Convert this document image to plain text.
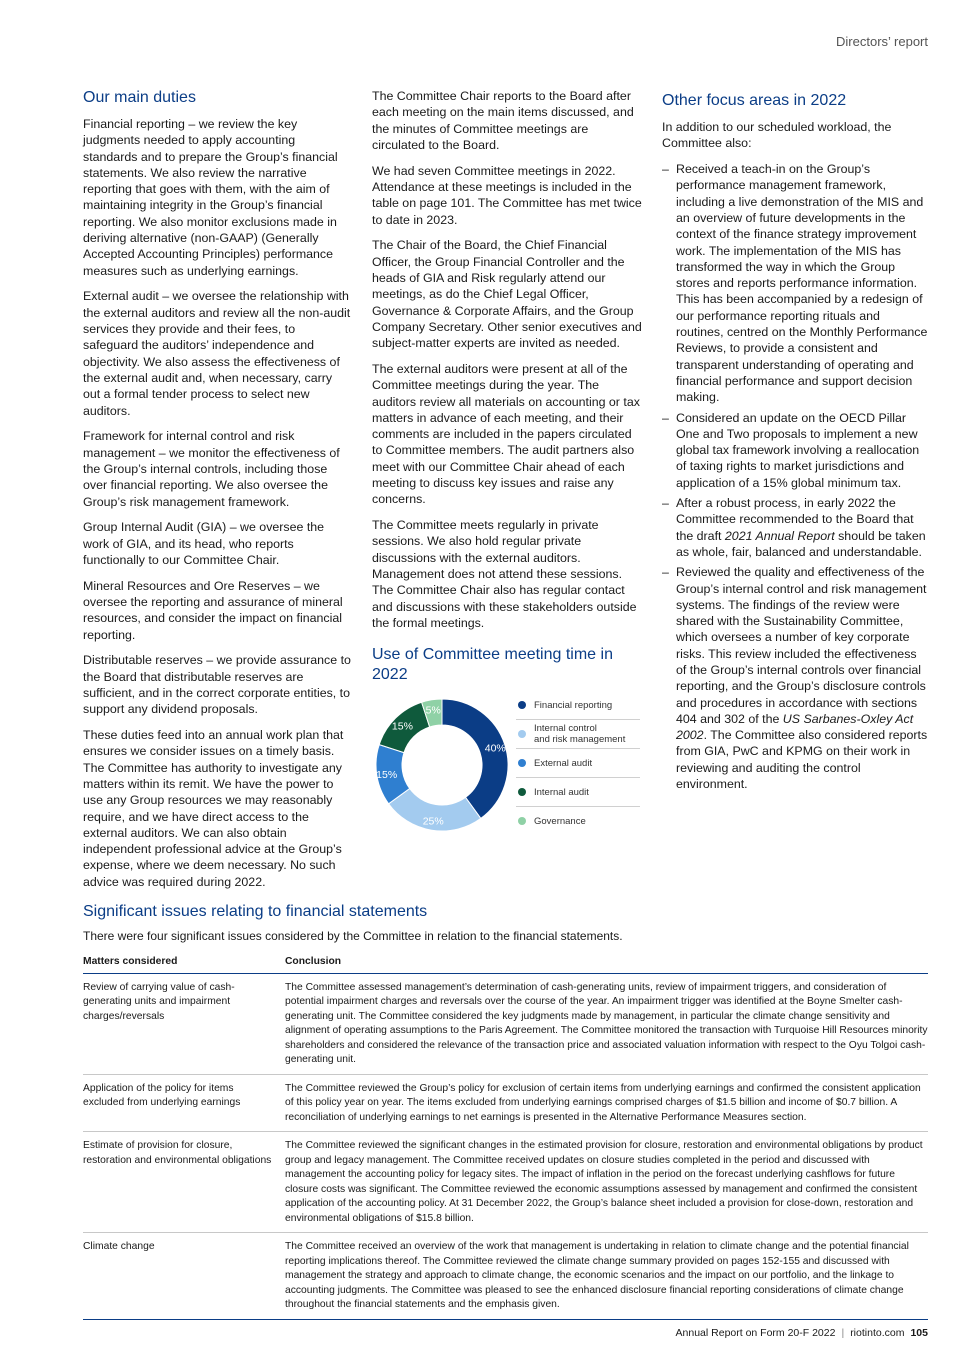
Directors’ report
Our main duties

Financial reporting – we review the key judgments needed to apply accounting standards and to prepare the Group’s financial statements. We also review the narrative reporting that goes with them, with the aim of maintaining integrity in the Group’s financial reporting. We also monitor exclusions made in deriving alternative (non-GAAP) (Generally Accepted Accounting Principles) performance measures such as underlying earnings.

External audit – we oversee the relationship with the external auditors and review all the non-audit services they provide and their fees, to safeguard the auditors’ independence and objectivity. We also assess the effectiveness of the external audit and, when necessary, carry out a formal tender process to select new auditors.

Framework for internal control and risk management – we monitor the effectiveness of the Group’s internal controls, including those over financial reporting. We also oversee the Group’s risk management framework.

Group Internal Audit (GIA) – we oversee the work of GIA, and its head, who reports functionally to our Committee Chair.

Mineral Resources and Ore Reserves – we oversee the reporting and assurance of mineral resources, and consider the impact on financial reporting.

Distributable reserves – we provide assurance to the Board that distributable reserves are sufficient, and in the correct corporate entities, to support any dividend proposals.

These duties feed into an annual work plan that ensures we consider issues on a timely basis. The Committee has authority to investigate any matters within its remit. We have the power to use any Group resources we may reasonably require, and we have direct access to the external auditors. We can also obtain independent professional advice at the Group’s expense, where we deem necessary. No such advice was required during 2022.

The Committee Chair reports to the Board after each meeting on the main items discussed, and the minutes of Committee meetings are circulated to the Board.

We had seven Committee meetings in 2022. Attendance at these meetings is included in the table on page 101. The Committee has met twice to date in 2023.

The Chair of the Board, the Chief Financial Officer, the Group Financial Controller and the heads of GIA and Risk regularly attend our meetings, as do the Chief Legal Officer, Governance & Corporate Affairs, and the Group Company Secretary. Other senior executives and subject-matter experts are invited as needed.

The external auditors were present at all of the Committee meetings during the year. The auditors review all materials on accounting or tax matters in advance of each meeting, and their comments are included in the papers circulated to Committee members. The audit partners also meet with our Committee Chair ahead of each meeting to discuss key issues and raise any concerns.

The Committee meets regularly in private sessions. We also hold regular private discussions with the external auditors. Management does not attend these sessions. The Committee Chair also has regular contact and discussions with these stakeholders outside the formal meetings.

Use of Committee meeting time in 2022
40%
25%
15%
15%
5%	Financial reporting
Internal control
and risk management
External audit
Internal audit
Governance
Other focus areas in 2022

In addition to our scheduled workload, the Committee also:

– Received a teach-in on the Group’s performance management framework, including a live demonstration of the MIS and an overview of future developments in the context of the finance strategy improvement work. The implementation of the MIS has transformed the way in which the Group stores and reports performance information. This has been accompanied by a redesign of our performance reporting rituals and routines, centred on the Monthly Performance Reviews, to provide a consistent and transparent understanding of operating and financial performance and support decision making.
– Considered an update on the OECD Pillar One and Two proposals to implement a new global tax framework involving a reallocation of taxing rights to market jurisdictions and application of a 15% global minimum tax.
– After a robust process, in early 2022 the Committee recommended to the Board that the draft 2021 Annual Report should be taken as whole, fair, balanced and understandable.
– Reviewed the quality and effectiveness of the Group’s internal control and risk management systems. The findings of the review were shared with the Sustainability Committee, which oversees a number of key corporate risks. This review included the effectiveness of the Group’s internal controls over financial reporting, and the Group’s disclosure controls and procedures in accordance with sections 404 and 302 of the US Sarbanes-Oxley Act 2002. The Committee also considered reports from GIA, PwC and KPMG on their work in reviewing and auditing the control environment.
Significant issues relating to financial statements
There were four significant issues considered by the Committee in relation to the financial statements.
Matters considered	Conclusion
Review of carrying value of cash-generating units and impairment charges/reversals	The Committee assessed management’s determination of cash-generating units, review of impairment triggers, and consideration of potential impairment charges and reversals over the course of the year. An impairment trigger was identified at the Boyne Smelter cash-generating unit. The Committee considered the key judgments made by management, in particular the climate change sensitivity and alignment of operating assumptions to the Paris Agreement. The Committee monitored the transaction with Turquoise Hill Resources minority shareholders and considered the relevance of the transaction price and associated valuation information with respect to the Oyu Tolgoi cash-generating unit.
Application of the policy for items excluded from underlying earnings	The Committee reviewed the Group’s policy for exclusion of certain items from underlying earnings and confirmed the consistent application of this policy year on year. The items excluded from underlying earnings comprised charges of $1.5 billion and income of $0.7 billion. A reconciliation of underlying earnings to net earnings is presented in the Alternative Performance Measures section.
Estimate of provision for closure, restoration and environmental obligations	The Committee reviewed the significant changes in the estimated provision for closure, restoration and environmental obligations by product group and legacy management. The Committee received updates on closure studies completed in the period and discussed with management the accounting policy for legacy sites. The impact of inflation in the period on the forecast underlying cashflows for future closure costs was significant. The Committee reviewed the economic assumptions assessed by management and confirmed the consistent application of the accounting policy. At 31 December 2022, the Group’s balance sheet included a provision for close-down, restoration and environmental obligations of $15.8 billion.
Climate change	The Committee received an overview of the work that management is undertaking in relation to climate change and the potential financial reporting implications thereof. The Committee reviewed the climate change summary provided on pages 152-155 and discussed with management the strategy and approach to climate change, the economic scenarios and the impact on our portfolio, and the linkage to accounting judgments. The Committee was pleased to see the enhanced disclosure financial reporting considerations of climate change throughout the financial statements and the emphasis given.
Annual Report on Form 20-F 2022 | riotinto.com 105
